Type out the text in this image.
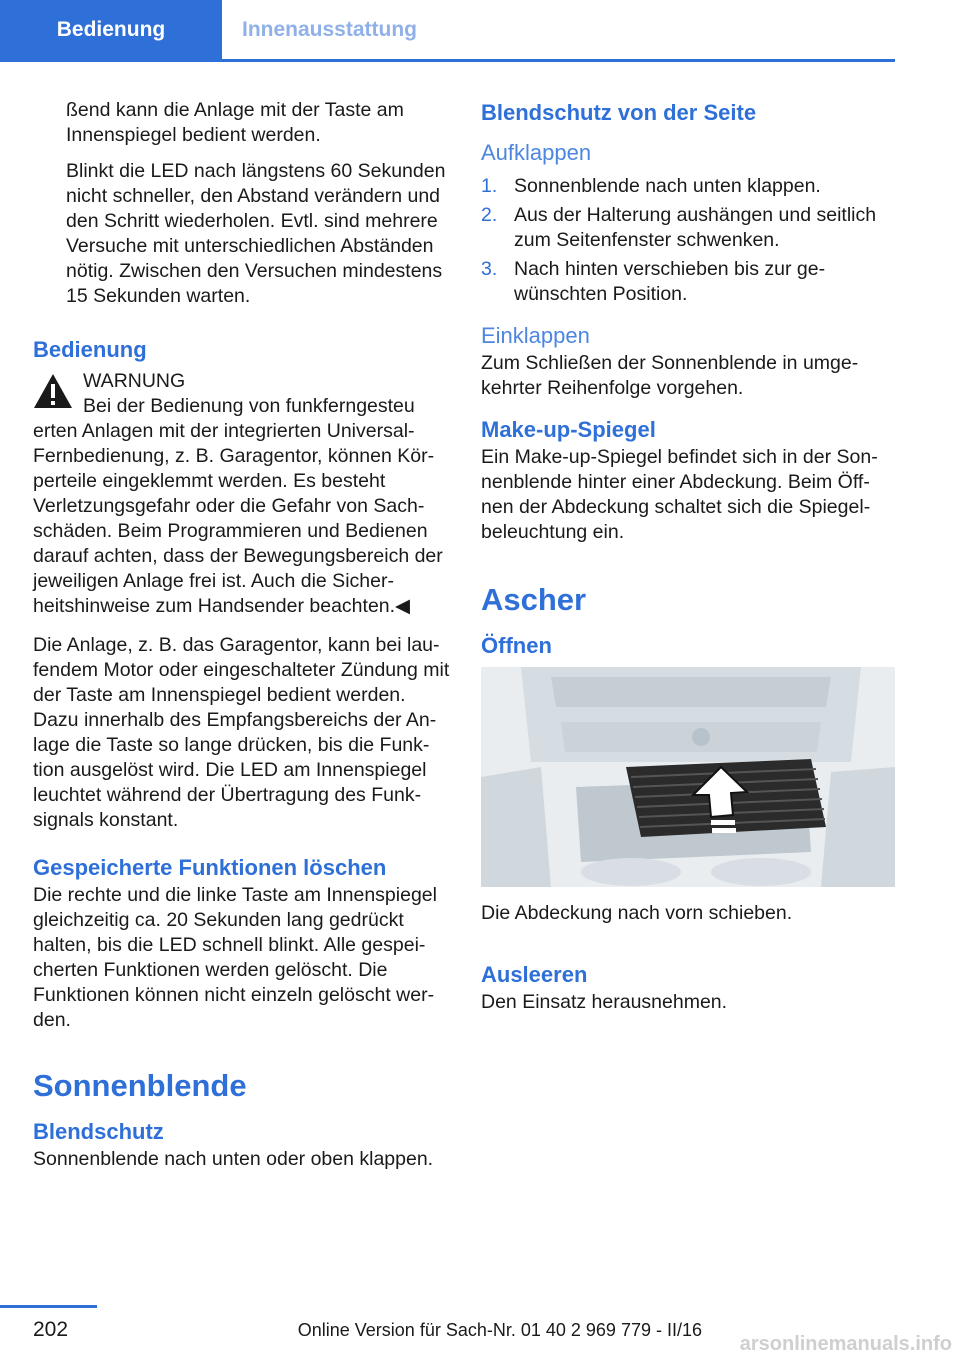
Bedienung	Innenausstattung

ßend kann die Anlage mit der Taste am Innenspiegel bedient werden.

Blinkt die LED nach längstens 60 Sekunden nicht schneller, den Abstand verändern und den Schritt wiederholen. Evtl. sind mehrere Versuche mit unterschiedlichen Abständen nötig. Zwischen den Versuchen mindestens 15 Sekunden warten.

Bedienung
WARNUNG
Bei der Bedienung von funkferngesteu

erten Anlagen mit der integrierten Universal-Fernbedienung, z. B. Garagentor, können Körperteile eingeklemmt werden. Es besteht Verletzungsgefahr oder die Gefahr von Sachschäden. Beim Programmieren und Bedienen darauf achten, dass der Bewegungsbereich der jeweiligen Anlage frei ist. Auch die Sicherheitshinweise zum Handsender beachten.◀

Die Anlage, z. B. das Garagentor, kann bei laufendem Motor oder eingeschalteter Zündung mit der Taste am Innenspiegel bedient werden. Dazu innerhalb des Empfangsbereichs der Anlage die Taste so lange drücken, bis die Funktion ausgelöst wird. Die LED am Innenspiegel leuchtet während der Übertragung des Funksignals konstant.

Gespeicherte Funktionen löschen

Die rechte und die linke Taste am Innenspiegel gleichzeitig ca. 20 Sekunden lang gedrückt halten, bis die LED schnell blinkt. Alle gespeicherten Funktionen werden gelöscht. Die Funktionen können nicht einzeln gelöscht werden.

Sonnenblende
Blendschutz

Sonnenblende nach unten oder oben klappen.

Blendschutz von der Seite
Aufklappen
1. Sonnenblende nach unten klappen.
2. Aus der Halterung aushängen und seitlich zum Seitenfenster schwenken.
3. Nach hinten verschieben bis zur gewünschten Position.
Einklappen

Zum Schließen der Sonnenblende in umgekehrter Reihenfolge vorgehen.

Make-up-Spiegel

Ein Make-up-Spiegel befindet sich in der Sonnenblende hinter einer Abdeckung. Beim Öffnen der Abdeckung schaltet sich die Spiegelbeleuchtung ein.

Ascher
Öffnen

Die Abdeckung nach vorn schieben.

Ausleeren

Den Einsatz herausnehmen.

202	Online Version für Sach-Nr. 01 40 2 969 779 - II/16
arsonlinemanuals.info
